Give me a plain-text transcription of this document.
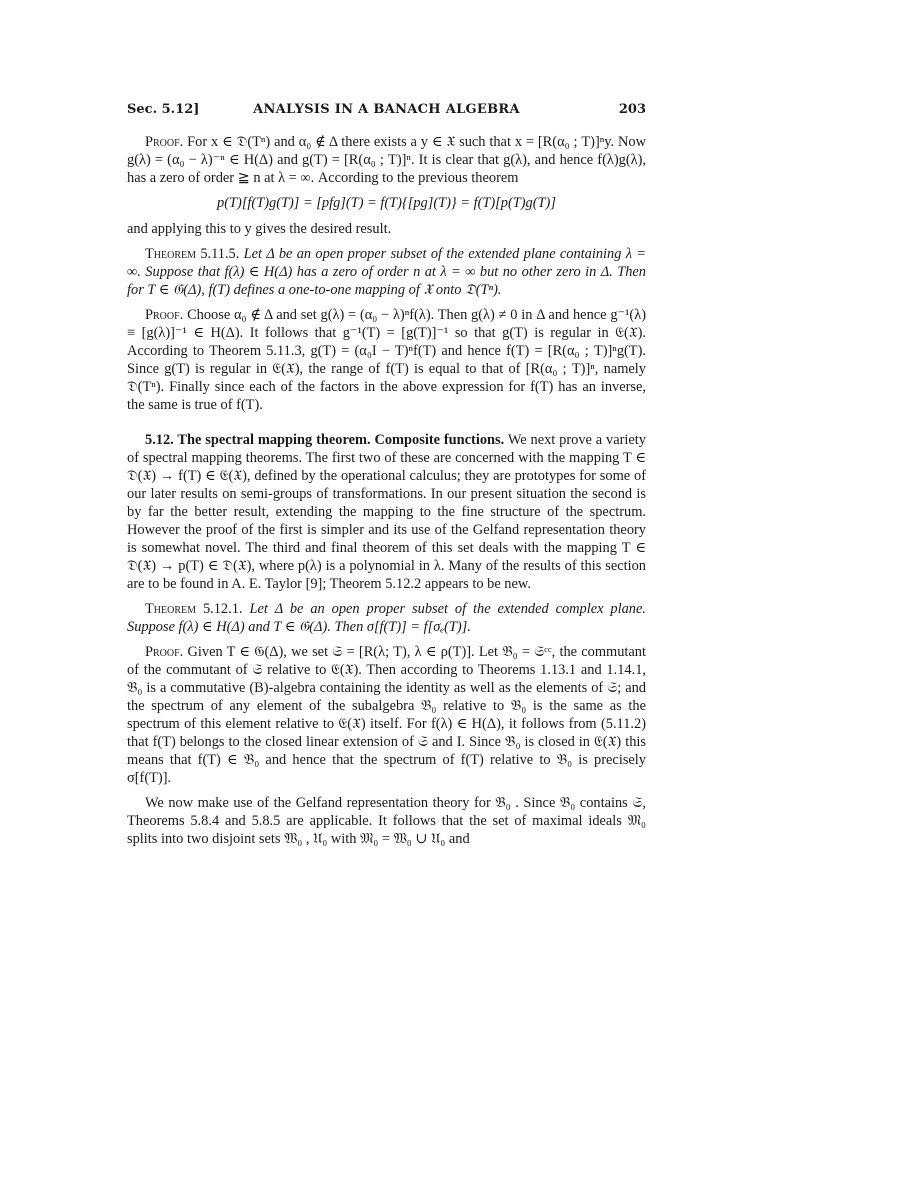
Sec. 5.12]	ANALYSIS IN A BANACH ALGEBRA	203

Proof. For x ∈ 𝔇(Tⁿ) and α₀ ∉ Δ there exists a y ∈ 𝔛 such that x = [R(α₀ ; T)]ⁿy. Now g(λ) = (α₀ − λ)⁻ⁿ ∈ H(Δ) and g(T) = [R(α₀ ; T)]ⁿ. It is clear that g(λ), and hence f(λ)g(λ), has a zero of order ≧ n at λ = ∞. According to the previous theorem

p(T)[f(T)g(T)] = [pfg](T) = f(T){[pg](T)} = f(T)[p(T)g(T)]

and applying this to y gives the desired result.

Theorem 5.11.5. Let Δ be an open proper subset of the extended plane containing λ = ∞. Suppose that f(λ) ∈ H(Δ) has a zero of order n at λ = ∞ but no other zero in Δ. Then for T ∈ 𝔊(Δ), f(T) defines a one-to-one mapping of 𝔛 onto 𝔇(Tⁿ).

Proof. Choose α₀ ∉ Δ and set g(λ) = (α₀ − λ)ⁿf(λ). Then g(λ) ≠ 0 in Δ and hence g⁻¹(λ) ≡ [g(λ)]⁻¹ ∈ H(Δ). It follows that g⁻¹(T) = [g(T)]⁻¹ so that g(T) is regular in 𝔈(𝔛). According to Theorem 5.11.3, g(T) = (α₀I − T)ⁿf(T) and hence f(T) = [R(α₀ ; T)]ⁿg(T). Since g(T) is regular in 𝔈(𝔛), the range of f(T) is equal to that of [R(α₀ ; T)]ⁿ, namely 𝔇(Tⁿ). Finally since each of the factors in the above expression for f(T) has an inverse, the same is true of f(T).

5.12. The spectral mapping theorem. Composite functions. We next prove a variety of spectral mapping theorems. The first two of these are concerned with the mapping T ∈ 𝔇(𝔛) → f(T) ∈ 𝔈(𝔛), defined by the operational calculus; they are prototypes for some of our later results on semi-groups of transformations. In our present situation the second is by far the better result, extending the mapping to the fine structure of the spectrum. However the proof of the first is simpler and its use of the Gelfand representation theory is somewhat novel. The third and final theorem of this set deals with the mapping T ∈ 𝔇(𝔛) → p(T) ∈ 𝔇(𝔛), where p(λ) is a polynomial in λ. Many of the results of this section are to be found in A. E. Taylor [9]; Theorem 5.12.2 appears to be new.

Theorem 5.12.1. Let Δ be an open proper subset of the extended complex plane. Suppose f(λ) ∈ H(Δ) and T ∈ 𝔊(Δ). Then σ[f(T)] = f[σₑ(T)].

Proof. Given T ∈ 𝔊(Δ), we set 𝔖 = [R(λ; T), λ ∈ ρ(T)]. Let 𝔅₀ = 𝔖ᶜᶜ, the commutant of the commutant of 𝔖 relative to 𝔈(𝔛). Then according to Theorems 1.13.1 and 1.14.1, 𝔅₀ is a commutative (B)-algebra containing the identity as well as the elements of 𝔖; and the spectrum of any element of the subalgebra 𝔅₀ relative to 𝔅₀ is the same as the spectrum of this element relative to 𝔈(𝔛) itself. For f(λ) ∈ H(Δ), it follows from (5.11.2) that f(T) belongs to the closed linear extension of 𝔖 and I. Since 𝔅₀ is closed in 𝔈(𝔛) this means that f(T) ∈ 𝔅₀ and hence that the spectrum of f(T) relative to 𝔅₀ is precisely σ[f(T)].

We now make use of the Gelfand representation theory for 𝔅₀ . Since 𝔅₀ contains 𝔖, Theorems 5.8.4 and 5.8.5 are applicable. It follows that the set of maximal ideals 𝔐₀ splits into two disjoint sets 𝔚₀ , 𝔘₀ with 𝔐₀ = 𝔚₀ ∪ 𝔘₀ and
